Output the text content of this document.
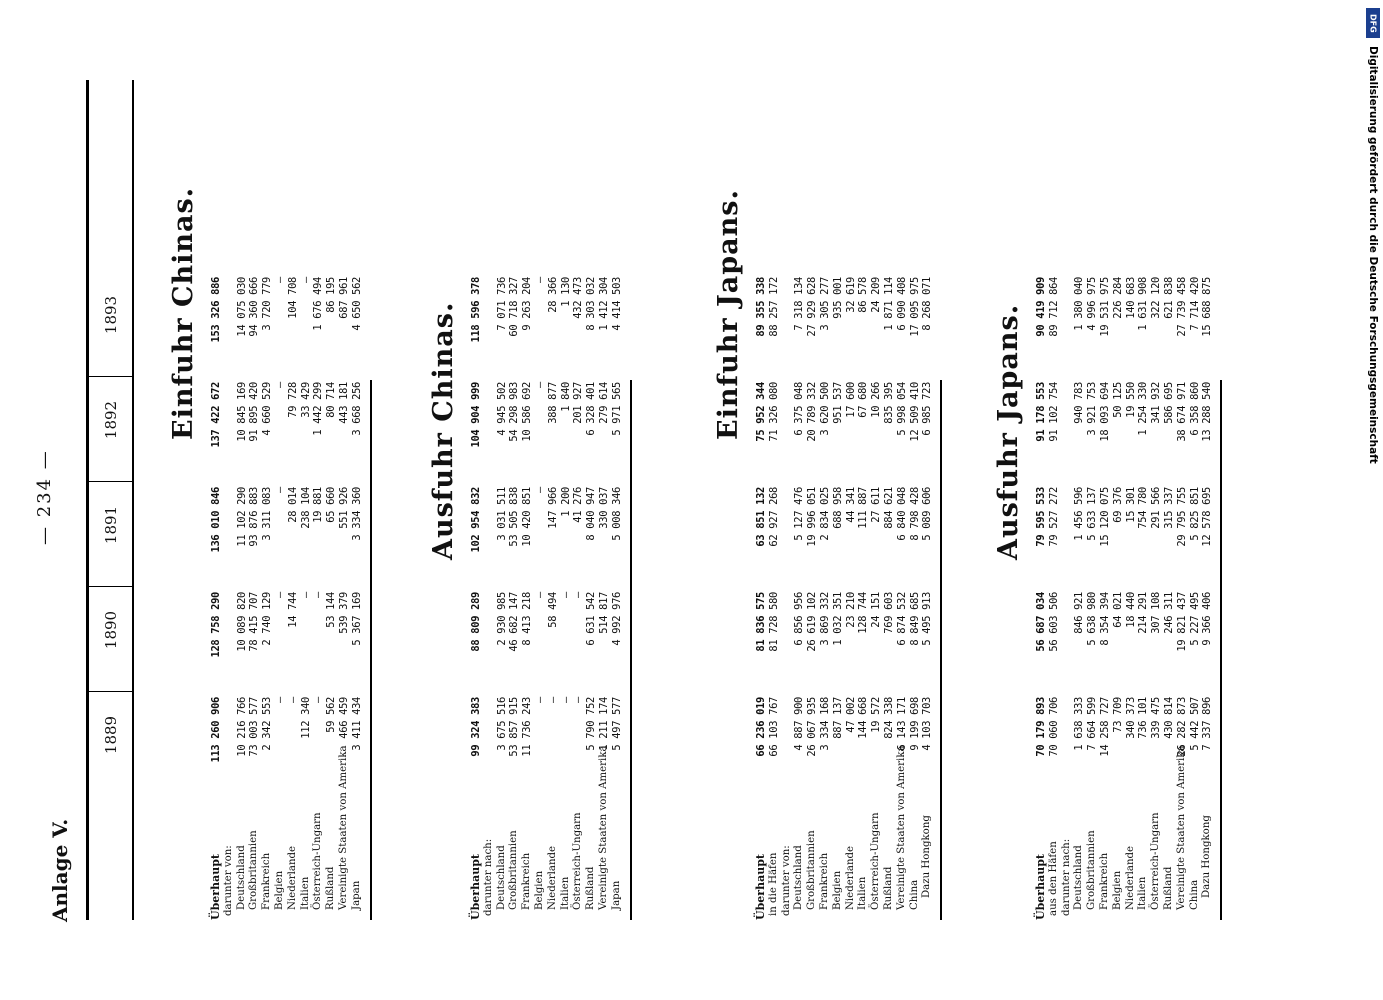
— 234 —
Anlage V.
1889
1890
1891
1892
1893 Einfuhr Chinas.
Überhaupt
113 260 906
128 758 290
136 010 846
137 422 672
153 326 886
darunter von: Deutschland
10 216 766
10 089 820
11 102 290
10 845 169
14 075 030
Großbritannien
73 003 577
78 415 707
93 876 883
91 895 420
94 360 666
Frankreich
2 342 553
2 740 129
3 311 083
4 660 529
3 720 779
Belgien
—
—
—
—
—
Niederlande
—
14 744
28 014
79 728
104 708
Italien
112 340
—
238 104
33 429
—
Österreich-Ungarn
—
—
19 881
1 442 299
1 676 494
Rußland
59 562
53 144
65 660
80 714
86 195
Vereinigte Staaten von Amerika
466 459
539 379
551 926
443 181
687 961
Japan
3 411 434
5 367 169
3 334 360
3 668 256
4 650 562 Ausfuhr Chinas.
Überhaupt
99 324 383
88 809 289
102 954 832
104 904 999
118 596 378
darunter nach: Deutschland
3 675 516
2 930 985
3 031 511
4 945 502
7 071 736
Großbritannien
53 857 915
46 682 147
53 505 838
54 298 983
60 718 327
Frankreich
11 736 243
8 413 218
10 420 851
10 586 692
9 263 204
Belgien
—
—
—
—
—
Niederlande
—
58 494
147 966
388 877
28 366
Italien
—
—
1 200
1 840
1 130
Österreich-Ungarn
—
—
41 276
201 927
432 473
Rußland
5 790 752
6 631 542
8 040 947
6 328 401
8 303 032
Vereinigte Staaten von Amerika
1 211 174
514 817
330 037
279 614
1 412 304
Japan
5 497 577
4 992 976
5 008 346
5 971 565
4 414 503	Einfuhr Japans.
Überhaupt
66 236 019
81 836 575
63 851 132
75 952 344
89 355 338
in die Häfen
66 103 767
81 728 580
62 927 268
71 326 080
88 257 172
darunter von: Deutschland
4 887 900
6 856 956
5 127 476
6 375 048
7 318 134
Großbritannien
26 067 935
26 619 102
19 996 051
20 789 332
27 929 628
Frankreich
3 334 168
3 869 332
2 834 025
3 620 500
3 305 277
Belgien
887 137
1 032 351
688 958
951 537
935 001
Niederlande
47 002
23 210
44 341
17 600
32 619
Italien
144 668
128 744
111 887
67 680
86 578
Österreich-Ungarn
19 572
24 151
27 611
10 266
24 209
Rußland
824 338
769 603
884 621
835 395
1 871 114
Vereinigte Staaten von Amerika
6 143 171
6 874 532
6 840 048
5 998 054
6 090 408
China
9 199 698
8 849 685
8 798 428
12 509 410
17 095 975
Dazu Hongkong
4 103 703
5 495 913
5 089 606
6 985 723
8 268 071
Ausfuhr Japans.
Überhaupt
70 179 893
56 687 034
79 595 533
91 178 553
90 419 909
aus den Häfen
70 060 706
56 603 506
79 527 272
91 102 754
89 712 864
darunter nach: Deutschland
1 638 333
846 921
1 456 596
940 783
1 380 040
Großbritannien
7 664 599
5 638 980
5 633 137
3 921 753
4 996 975
Frankreich
14 258 727
8 354 394
15 120 075
18 093 694
19 531 975
Belgien
73 709
64 021
69 376
50 125
226 284
Niederlande
340 373
18 440
15 301
19 550
140 683
Italien
736 101
214 291
754 780
1 254 330
1 631 908
Österreich-Ungarn
339 475
307 108
291 566
341 932
322 120
Rußland
430 814
246 311
315 337
586 695
621 838
Vereinigte Staaten von Amerika
26 282 873
19 821 437
29 795 755
38 674 971
27 739 458
China
5 442 507
5 227 495
5 825 851
6 358 860
7 714 420
Dazu Hongkong
7 337 896
9 366 406
12 578 695
13 288 540
15 688 875
DFG
Digitalisierung gefördert durch die Deutsche Forschungsgemeinschaft
